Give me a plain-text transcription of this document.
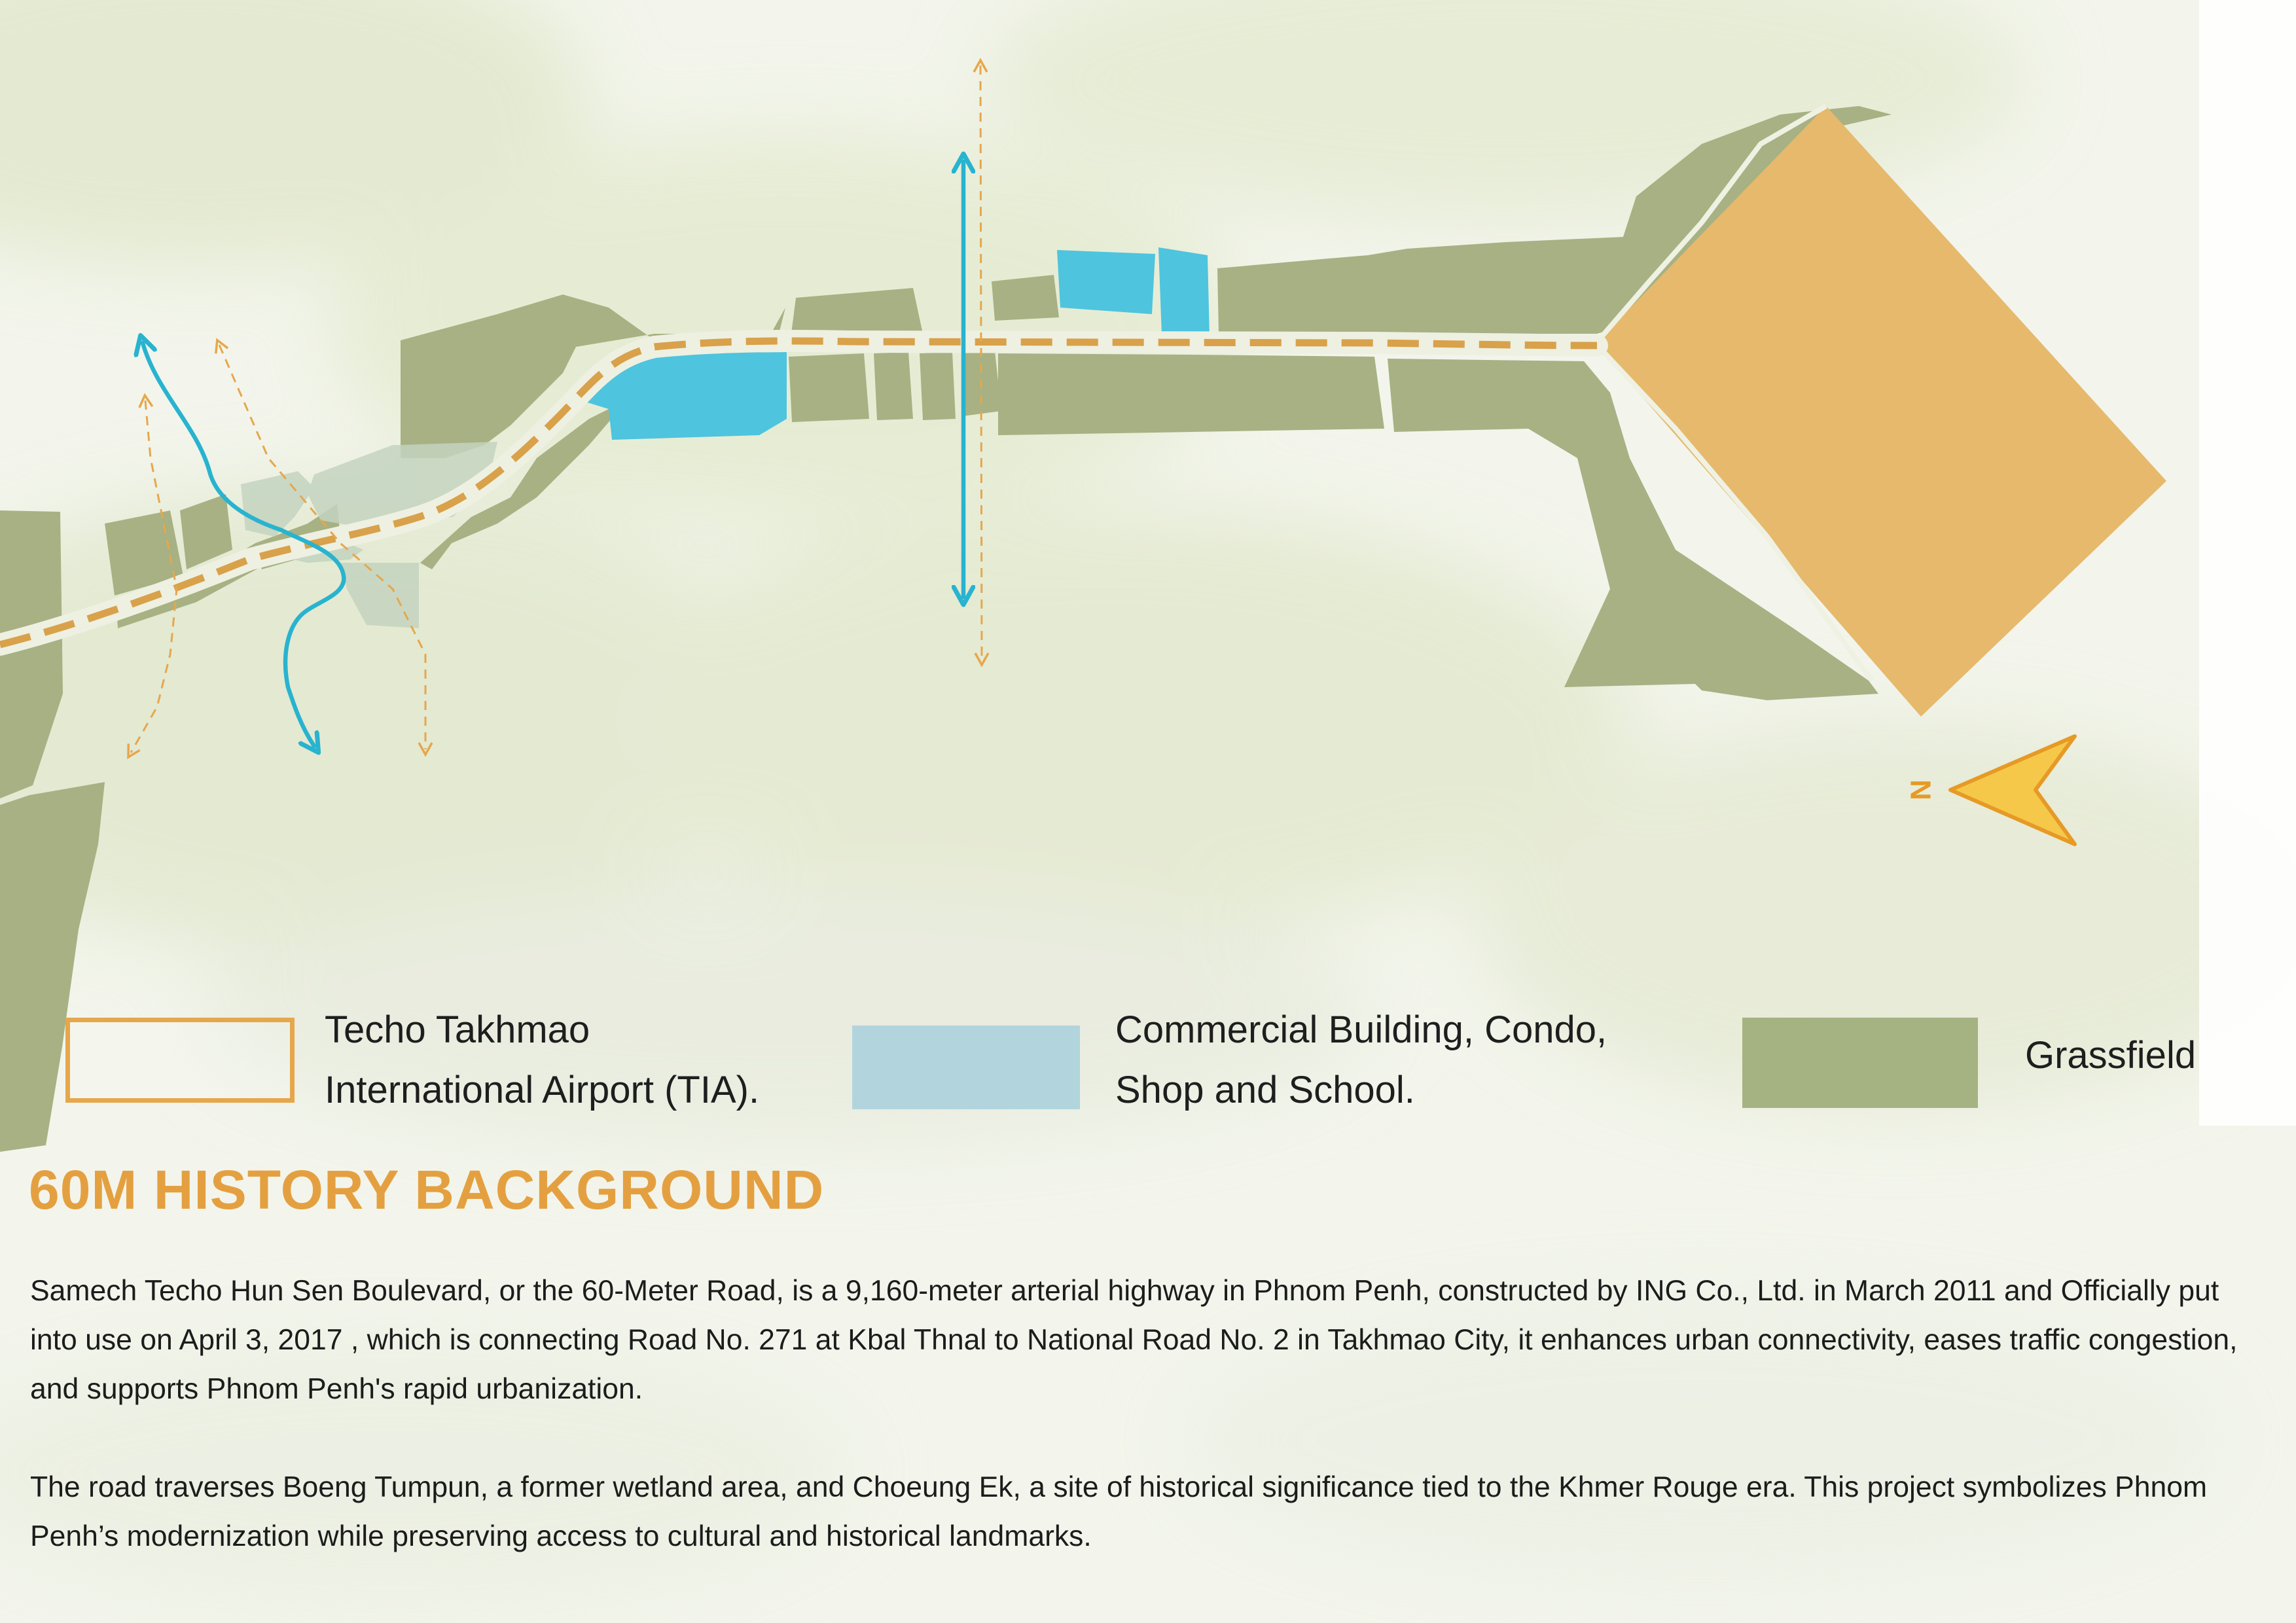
N
Techo Takhmao
International Airport (TIA).
Commercial Building, Condo,
Shop and School.
Grassfield
60M HISTORY BACKGROUND

Samech Techo Hun Sen Boulevard, or the 60-Meter Road, is a 9,160-meter arterial highway in Phnom Penh, constructed by ING Co., Ltd. in March 2011 and Officially put into use on April 3, 2017 , which is connecting Road No. 271 at Kbal Thnal to National Road No. 2 in Takhmao City, it enhances urban connectivity, eases traffic congestion, and supports Phnom Penh's rapid urbanization.

The road traverses Boeng Tumpun, a former wetland area, and Choeung Ek, a site of historical significance tied to the Khmer Rouge era. This project symbolizes Phnom Penh’s modernization while preserving access to cultural and historical landmarks.
